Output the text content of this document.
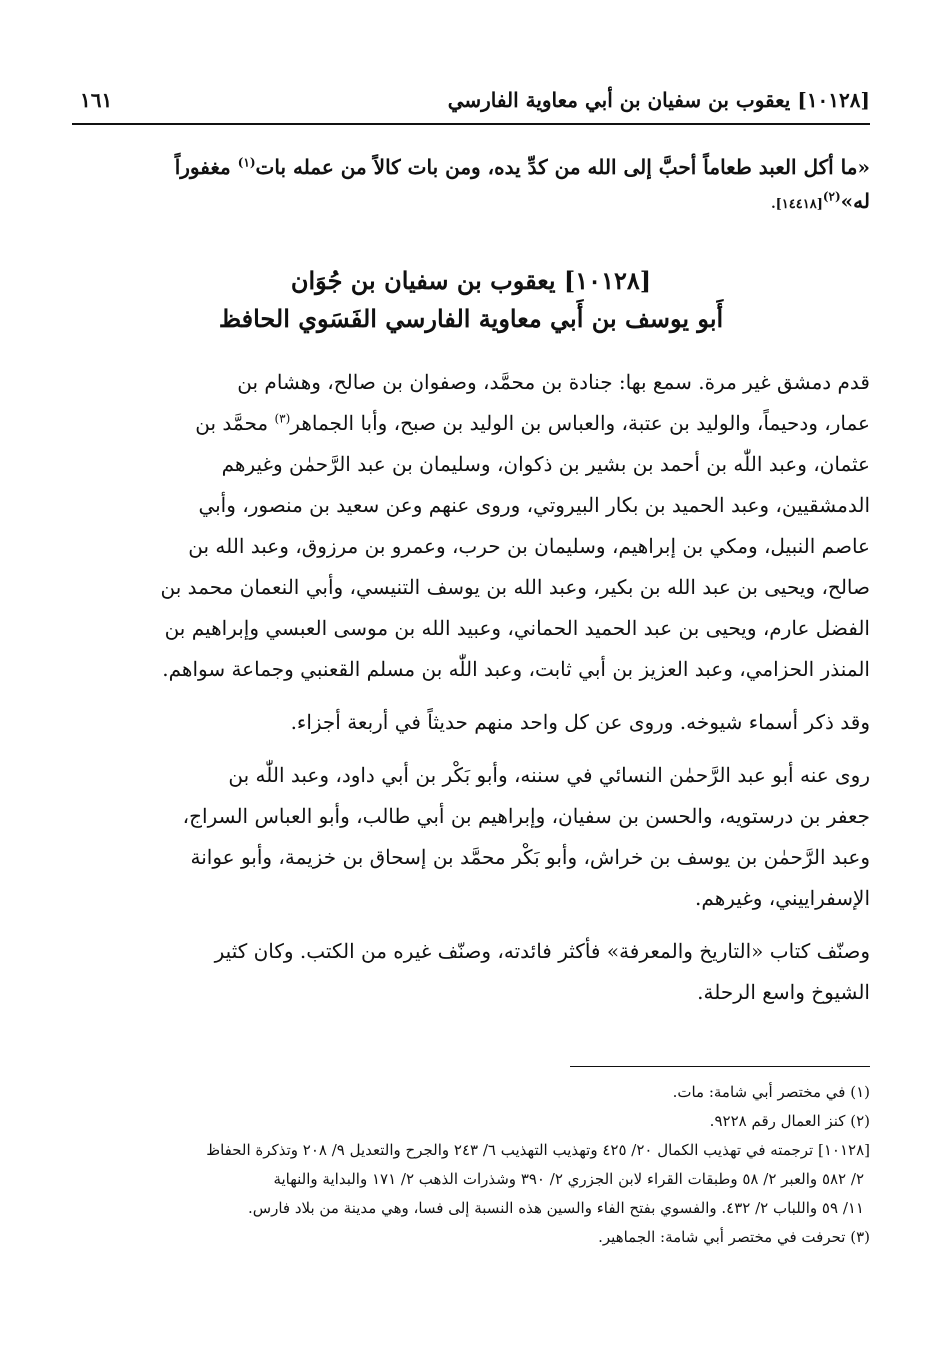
١٦١	[١٠١٢٨] يعقوب بن سفيان بن أبي معاوية الفارسي
«ما أكل العبد طعاماً أحبَّ إلى الله من كدِّ يده، ومن بات كالاً من عمله بات$^{(١)}$ مغفوراً
له»$^{(٢)}$[١٤٤١٨].
[١٠١٢٨] يعقوب بن سفيان بن جُوَان
أَبو يوسف بن أَبي معاوية الفارسي الفَسَوي الحافظ
قدم دمشق غير مرة. سمع بها: جنادة بن محمَّد، وصفوان بن صالح، وهشام بن
عمار، ودحيماً، والوليد بن عتبة، والعباس بن الوليد بن صبح، وأبا الجماهر$^{(٣)}$ محمَّد بن
عثمان، وعبد اللّٰه بن أحمد بن بشير بن ذكوان، وسليمان بن عبد الرَّحمٰن وغيرهم
الدمشقيين، وعبد الحميد بن بكار البيروتي، وروى عنهم وعن سعيد بن منصور، وأبي
عاصم النبيل، ومكي بن إبراهيم، وسليمان بن حرب، وعمرو بن مرزوق، وعبد الله بن
صالح، ويحيى بن عبد الله بن بكير، وعبد الله بن يوسف التنيسي، وأبي النعمان محمد بن
الفضل عارم، ويحيى بن عبد الحميد الحماني، وعبيد الله بن موسى العبسي وإبراهيم بن
المنذر الحزامي، وعبد العزيز بن أبي ثابت، وعبد اللّٰه بن مسلم القعنبي وجماعة سواهم.
وقد ذكر أسماء شيوخه. وروى عن كل واحد منهم حديثاً في أربعة أجزاء.
روى عنه أبو عبد الرَّحمٰن النسائي في سننه، وأبو بَكْر بن أبي داود، وعبد اللّٰه بن
جعفر بن درستويه، والحسن بن سفيان، وإبراهيم بن أبي طالب، وأبو العباس السراج،
وعبد الرَّحمٰن بن يوسف بن خراش، وأبو بَكْر محمَّد بن إسحاق بن خزيمة، وأبو عوانة
الإسفراييني، وغيرهم.
وصنّف كتاب «التاريخ والمعرفة» فأكثر فائدته، وصنّف غيره من الكتب. وكان كثير
الشيوخ واسع الرحلة.
(١) في مختصر أبي شامة: مات.
(٢) كنز العمال رقم ٩٢٢٨.
[١٠١٢٨] ترجمته في تهذيب الكمال ٢٠/ ٤٢٥ وتهذيب التهذيب ٦/ ٢٤٣ والجرح والتعديل ٩/ ٢٠٨ وتذكرة الحفاظ
٢/ ٥٨٢ والعبر ٢/ ٥٨ وطبقات القراء لابن الجزري ٢/ ٣٩٠ وشذرات الذهب ٢/ ١٧١ والبداية والنهاية
١١/ ٥٩ واللباب ٢/ ٤٣٢. والفسوي بفتح الفاء والسين هذه النسبة إلى فسا، وهي مدينة من بلاد فارس.
(٣) تحرفت في مختصر أبي شامة: الجماهير.
